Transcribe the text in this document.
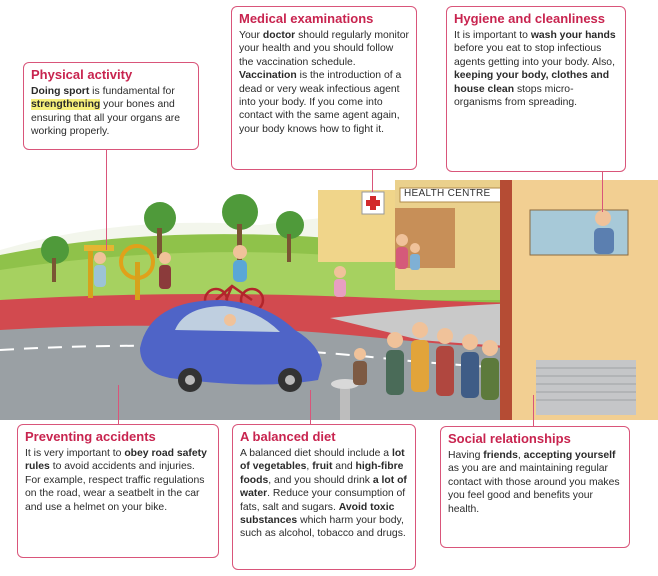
HEALTH CENTRE
Physical activity

Doing sport is fundamental for strengthening your bones and ensuring that all your organs are working properly.

Medical examinations

Your doctor should regularly monitor your health and you should follow the vaccination schedule. Vaccination is the introduction of a dead or very weak infectious agent into your body. If you come into contact with the same agent again, your body knows how to fight it.

Hygiene and cleanliness

It is important to wash your hands before you eat to stop infectious agents getting into your body. Also, keeping your body, clothes and house clean stops micro-organisms from spreading.

Preventing accidents

It is very important to obey road safety rules to avoid accidents and injuries. For example, respect traffic regulations on the road, wear a seatbelt in the car and use a helmet on your bike.

A balanced diet

A balanced diet should include a lot of vegetables, fruit and high-fibre foods, and you should drink a lot of water. Reduce your consumption of fats, salt and sugars. Avoid toxic substances which harm your body, such as alcohol, tobacco and drugs.

Social relationships

Having friends, accepting yourself as you are and maintaining regular contact with those around you makes you feel good and benefits your health.
